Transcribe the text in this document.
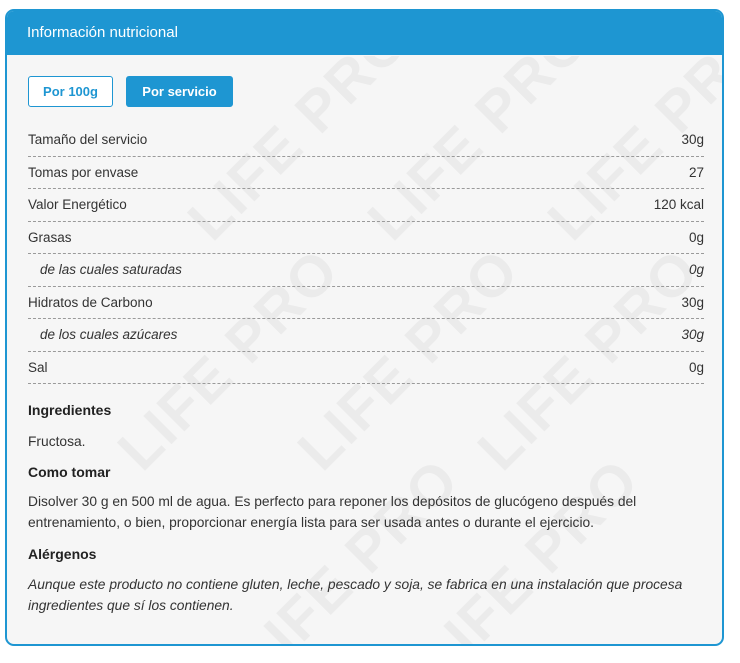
Información nutricional
Por 100g	Por servicio
Tamaño del servicio	30g
Tomas por envase	27
Valor Energético	120 kcal
Grasas	0g
de las cuales saturadas	0g
Hidratos de Carbono	30g
de los cuales azúcares	30g
Sal	0g
Ingredientes
Fructosa.
Como tomar
Disolver 30 g en 500 ml de agua. Es perfecto para reponer los depósitos de glucógeno después del entrenamiento, o bien, proporcionar energía lista para ser usada antes o durante el ejercicio.
Alérgenos
Aunque este producto no contiene gluten, leche, pescado y soja, se fabrica en una instalación que procesa ingredientes que sí los contienen.
